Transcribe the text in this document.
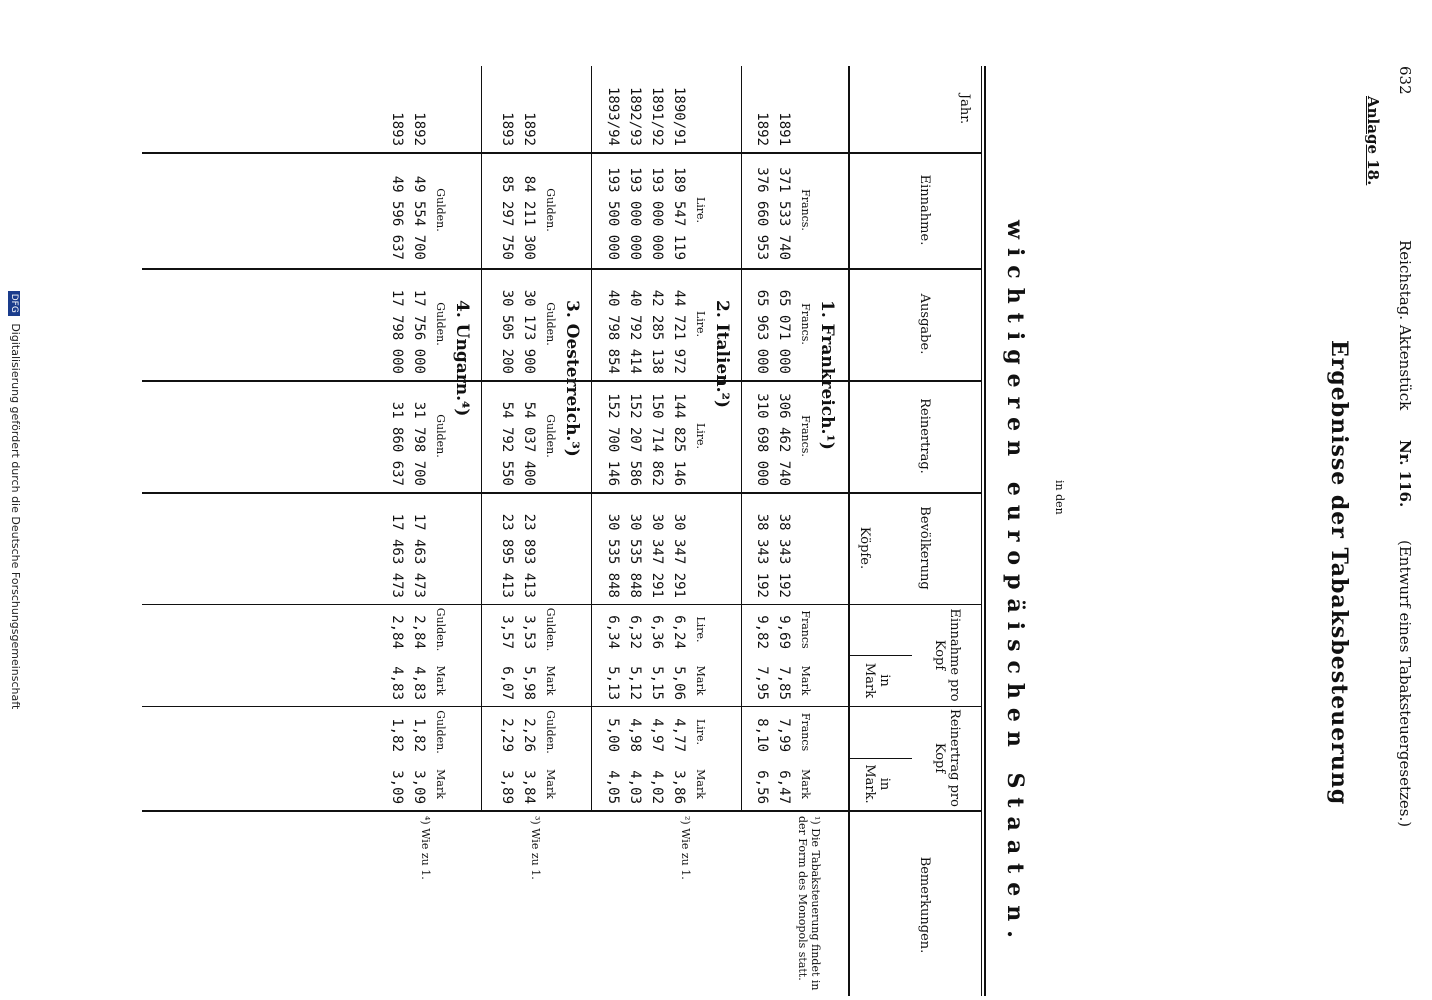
632
Reichstag. Aktenstück
Nr. 116.
(Entwurf eines Tabaksteuergesetzes.)
Anlage 18.
Ergebnisse der Tabaksbesteuerung
in den
wichtigeren europäischen Staaten.
Jahr.
Einnahme.
Ausgabe.
Reinertrag.
Bevölkerung
Köpfe.
Einnahme pro Kopf
in Mark
Reinertrag pro Kopf
in Mark.
Bemerkungen.
1. Frankreich.¹)
Francs.
Francs.
Francs.
Francs
Mark
Francs
Mark
1891
371 533 740
65 071 000
306 462 740
38 343 192
9,69
7,85
7,99
6,47
1892
376 660 953
65 963 000
310 698 000
38 343 192
9,82
7,95
8,10
6,56
¹) Die Tabaksteuerung findet in der Form des Monopols statt.
2. Italien.²)
Lire.
Lire.
Lire.
Lire.
Mark
Lire.
Mark
1890/91
189 547 119
44 721 972
144 825 146
30 347 291
6,24
5,06
4,77
3,86
1891/92
193 000 000
42 285 138
150 714 862
30 347 291
6,36
5,15
4,97
4,02
1892/93
193 000 000
40 792 414
152 207 586
30 535 848
6,32
5,12
4,98
4,03
1893/94
193 500 000
40 798 854
152 700 146
30 535 848
6,34
5,13
5,00
4,05
²) Wie zu 1.
3. Oesterreich.³)
Gulden.
Gulden.
Gulden.
Gulden.
Mark
Gulden.
Mark
1892
84 211 300
30 173 900
54 037 400
23 893 413
3,53
5,98
2,26
3,84
1893
85 297 750
30 505 200
54 792 550
23 895 413
3,57
6,07
2,29
3,89
³) Wie zu 1.
4. Ungarn.⁴)
Gulden.
Gulden.
Gulden.
Gulden.
Mark
Gulden.
Mark
1892
49 554 700
17 756 000
31 798 700
17 463 473
2,84
4,83
1,82
3,09
1893
49 596 637
17 798 000
31 860 637
17 463 473
2,84
4,83
1,82
3,09
⁴) Wie zu 1.
DFG Digitalisierung gefördert durch die Deutsche Forschungsgemeinschaft
